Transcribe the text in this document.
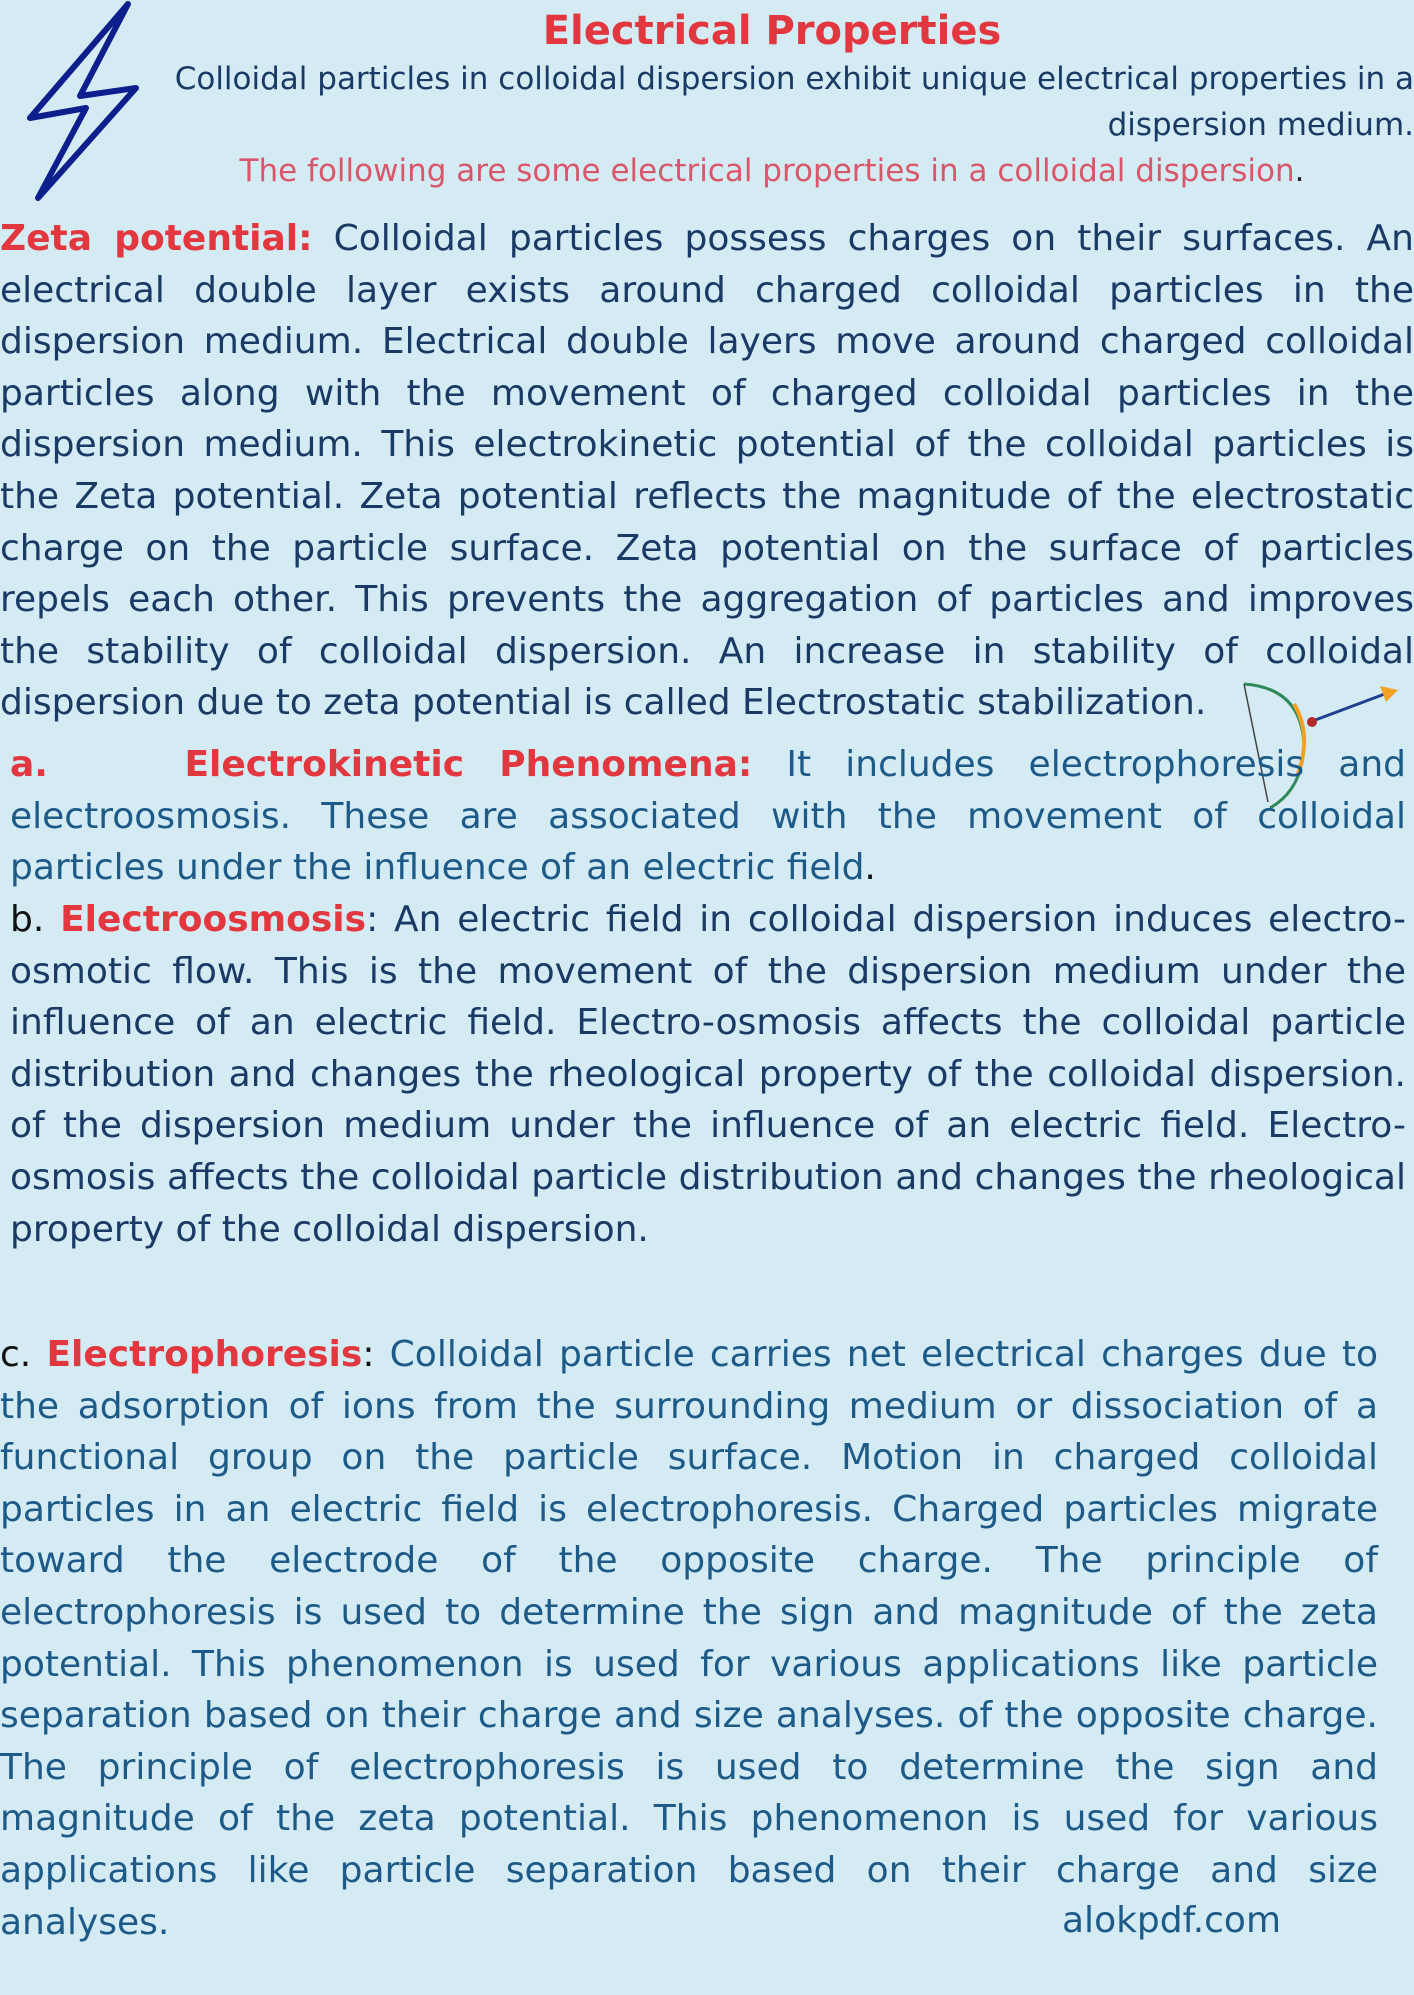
Electrical Properties

Colloidal particles in colloidal dispersion exhibit unique electrical properties in a dispersion medium.

The following are some electrical properties in a colloidal dispersion.

Zeta potential: Colloidal particles possess charges on their surfaces. An electrical double layer exists around charged colloidal particles in the dispersion medium. Electrical double layers move around charged colloidal particles along with the movement of charged colloidal particles in the dispersion medium. This electrokinetic potential of the colloidal particles is the Zeta potential. Zeta potential reflects the magnitude of the electrostatic charge on the particle surface. Zeta potential on the surface of particles repels each other. This prevents the aggregation of particles and improves the stability of colloidal dispersion. An increase in stability of colloidal dispersion due to zeta potential is called Electrostatic stabilization.

a.	Electrokinetic Phenomena: It includes electrophoresis and electroosmosis. These are associated with the movement of colloidal particles under the influence of an electric field.

b. Electroosmosis: An electric field in colloidal dispersion induces electro-osmotic flow. This is the movement of the dispersion medium under the influence of an electric field. Electro-osmosis affects the colloidal particle distribution and changes the rheological property of the colloidal dispersion. of the dispersion medium under the influence of an electric field. Electro-osmosis affects the colloidal particle distribution and changes the rheological property of the colloidal dispersion.

c. Electrophoresis: Colloidal particle carries net electrical charges due to the adsorption of ions from the surrounding medium or dissociation of a functional group on the particle surface. Motion in charged colloidal particles in an electric field is electrophoresis. Charged particles migrate toward the electrode of the opposite charge. The principle of electrophoresis is used to determine the sign and magnitude of the zeta potential. This phenomenon is used for various applications like particle separation based on their charge and size analyses. of the opposite charge. The principle of electrophoresis is used to determine the sign and magnitude of the zeta potential. This phenomenon is used for various applications like particle separation based on their charge and size analyses.	alokpdf.com
